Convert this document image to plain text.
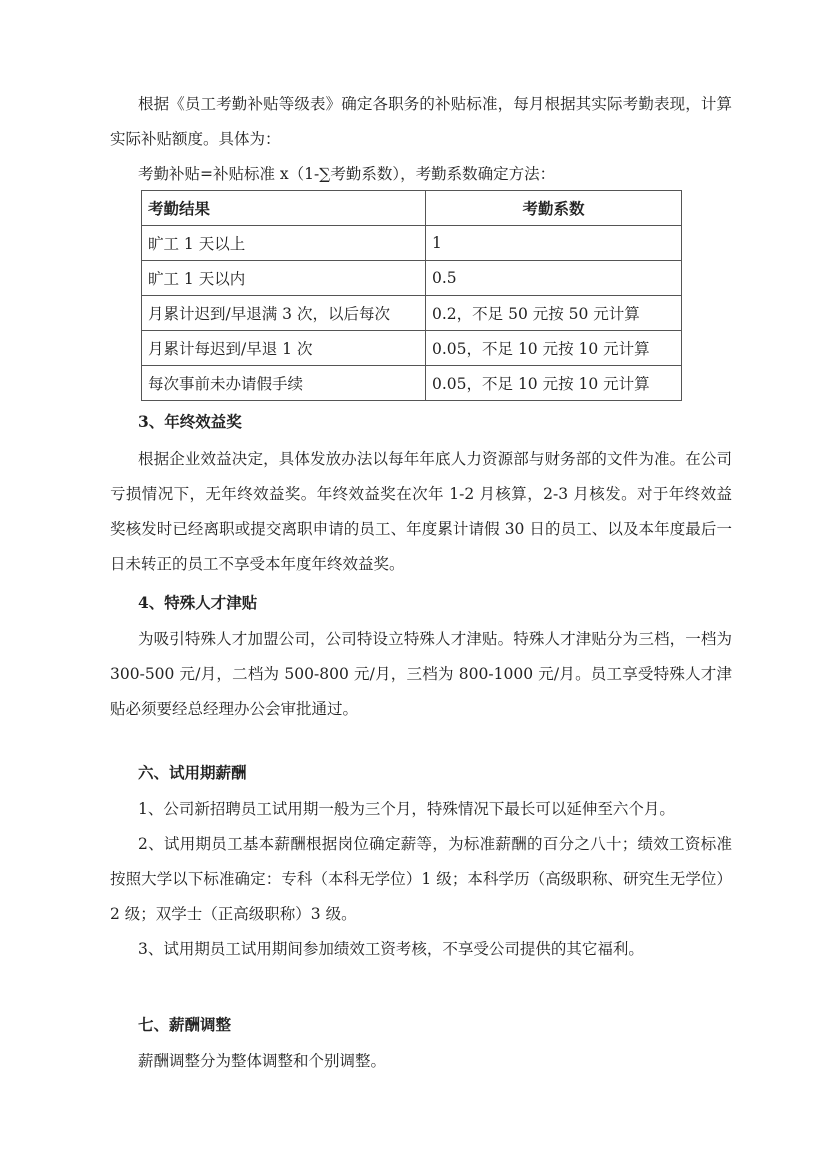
根据《员工考勤补贴等级表》确定各职务的补贴标准，每月根据其实际考勤表现，计算实际补贴额度。具体为：
考勤补贴=补贴标准 x（1-∑考勤系数），考勤系数确定方法：
考勤结果	考勤系数
旷工 1 天以上	1
旷工 1 天以内	0.5
月累计迟到/早退满 3 次，以后每次	0.2，不足 50 元按 50 元计算
月累计每迟到/早退 1 次	0.05，不足 10 元按 10 元计算
每次事前未办请假手续	0.05，不足 10 元按 10 元计算
3、年终效益奖
根据企业效益决定，具体发放办法以每年年底人力资源部与财务部的文件为准。在公司亏损情况下，无年终效益奖。年终效益奖在次年 1-2 月核算，2-3 月核发。对于年终效益奖核发时已经离职或提交离职申请的员工、年度累计请假 30 日的员工、以及本年度最后一日未转正的员工不享受本年度年终效益奖。
4、特殊人才津贴
为吸引特殊人才加盟公司，公司特设立特殊人才津贴。特殊人才津贴分为三档，一档为 300-500 元/月，二档为 500-800 元/月，三档为 800-1000 元/月。员工享受特殊人才津贴必须要经总经理办公会审批通过。
六、试用期薪酬
1、公司新招聘员工试用期一般为三个月，特殊情况下最长可以延伸至六个月。
2、试用期员工基本薪酬根据岗位确定薪等，为标准薪酬的百分之八十；绩效工资标准按照大学以下标准确定：专科（本科无学位）1 级；本科学历（高级职称、研究生无学位）2 级；双学士（正高级职称）3 级。
3、试用期员工试用期间参加绩效工资考核，不享受公司提供的其它福利。
七、薪酬调整
薪酬调整分为整体调整和个别调整。
